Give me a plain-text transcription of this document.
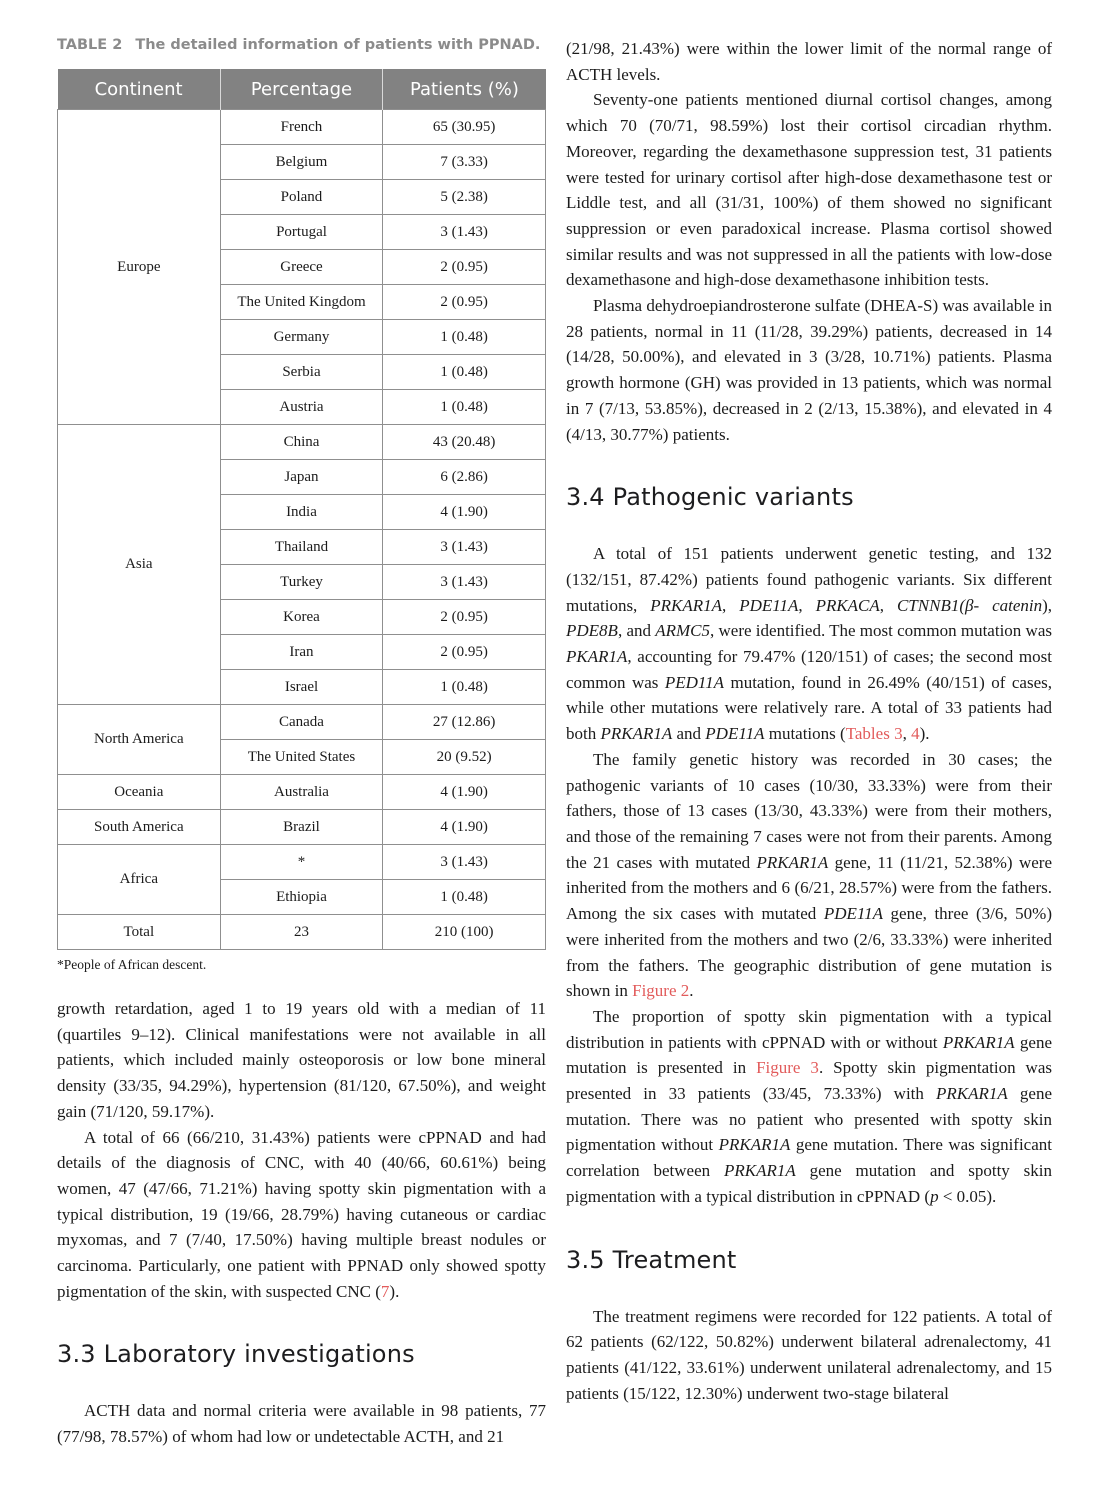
TABLE 2 The detailed information of patients with PPNAD.
Continent	Percentage	Patients (%)
Europe	French	65 (30.95)
	Belgium	7 (3.33)
	Poland	5 (2.38)
	Portugal	3 (1.43)
	Greece	2 (0.95)
	The United Kingdom	2 (0.95)
	Germany	1 (0.48)
	Serbia	1 (0.48)
	Austria	1 (0.48)
Asia	China	43 (20.48)
	Japan	6 (2.86)
	India	4 (1.90)
	Thailand	3 (1.43)
	Turkey	3 (1.43)
	Korea	2 (0.95)
	Iran	2 (0.95)
	Israel	1 (0.48)
North America	Canada	27 (12.86)
	The United States	20 (9.52)
Oceania	Australia	4 (1.90)
South America	Brazil	4 (1.90)
Africa	*	3 (1.43)
	Ethiopia	1 (0.48)
Total	23	210 (100)
*People of African descent.

growth retardation, aged 1 to 19 years old with a median of 11 (quartiles 9–12). Clinical manifestations were not available in all patients, which included mainly osteoporosis or low bone mineral density (33/35, 94.29%), hypertension (81/120, 67.50%), and weight gain (71/120, 59.17%).

A total of 66 (66/210, 31.43%) patients were cPPNAD and had details of the diagnosis of CNC, with 40 (40/66, 60.61%) being women, 47 (47/66, 71.21%) having spotty skin pigmentation with a typical distribution, 19 (19/66, 28.79%) having cutaneous or cardiac myxomas, and 7 (7/40, 17.50%) having multiple breast nodules or carcinoma. Particularly, one patient with PPNAD only showed spotty pigmentation of the skin, with suspected CNC (7).

3.3 Laboratory investigations

ACTH data and normal criteria were available in 98 patients, 77 (77/98, 78.57%) of whom had low or undetectable ACTH, and 21

(21/98, 21.43%) were within the lower limit of the normal range of ACTH levels.

Seventy-one patients mentioned diurnal cortisol changes, among which 70 (70/71, 98.59%) lost their cortisol circadian rhythm. Moreover, regarding the dexamethasone suppression test, 31 patients were tested for urinary cortisol after high-dose dexamethasone test or Liddle test, and all (31/31, 100%) of them showed no significant suppression or even paradoxical increase. Plasma cortisol showed similar results and was not suppressed in all the patients with low-dose dexamethasone and high-dose dexamethasone inhibition tests.

Plasma dehydroepiandrosterone sulfate (DHEA-S) was available in 28 patients, normal in 11 (11/28, 39.29%) patients, decreased in 14 (14/28, 50.00%), and elevated in 3 (3/28, 10.71%) patients. Plasma growth hormone (GH) was provided in 13 patients, which was normal in 7 (7/13, 53.85%), decreased in 2 (2/13, 15.38%), and elevated in 4 (4/13, 30.77%) patients.

3.4 Pathogenic variants

A total of 151 patients underwent genetic testing, and 132 (132/151, 87.42%) patients found pathogenic variants. Six different mutations, PRKAR1A, PDE11A, PRKACA, CTNNB1(β- catenin), PDE8B, and ARMC5, were identified. The most common mutation was PKAR1A, accounting for 79.47% (120/151) of cases; the second most common was PED11A mutation, found in 26.49% (40/151) of cases, while other mutations were relatively rare. A total of 33 patients had both PRKAR1A and PDE11A mutations (Tables 3, 4).

The family genetic history was recorded in 30 cases; the pathogenic variants of 10 cases (10/30, 33.33%) were from their fathers, those of 13 cases (13/30, 43.33%) were from their mothers, and those of the remaining 7 cases were not from their parents. Among the 21 cases with mutated PRKAR1A gene, 11 (11/21, 52.38%) were inherited from the mothers and 6 (6/21, 28.57%) were from the fathers. Among the six cases with mutated PDE11A gene, three (3/6, 50%) were inherited from the mothers and two (2/6, 33.33%) were inherited from the fathers. The geographic distribution of gene mutation is shown in Figure 2.

The proportion of spotty skin pigmentation with a typical distribution in patients with cPPNAD with or without PRKAR1A gene mutation is presented in Figure 3. Spotty skin pigmentation was presented in 33 patients (33/45, 73.33%) with PRKAR1A gene mutation. There was no patient who presented with spotty skin pigmentation without PRKAR1A gene mutation. There was significant correlation between PRKAR1A gene mutation and spotty skin pigmentation with a typical distribution in cPPNAD (p < 0.05).

3.5 Treatment

The treatment regimens were recorded for 122 patients. A total of 62 patients (62/122, 50.82%) underwent bilateral adrenalectomy, 41 patients (41/122, 33.61%) underwent unilateral adrenalectomy, and 15 patients (15/122, 12.30%) underwent two-stage bilateral
